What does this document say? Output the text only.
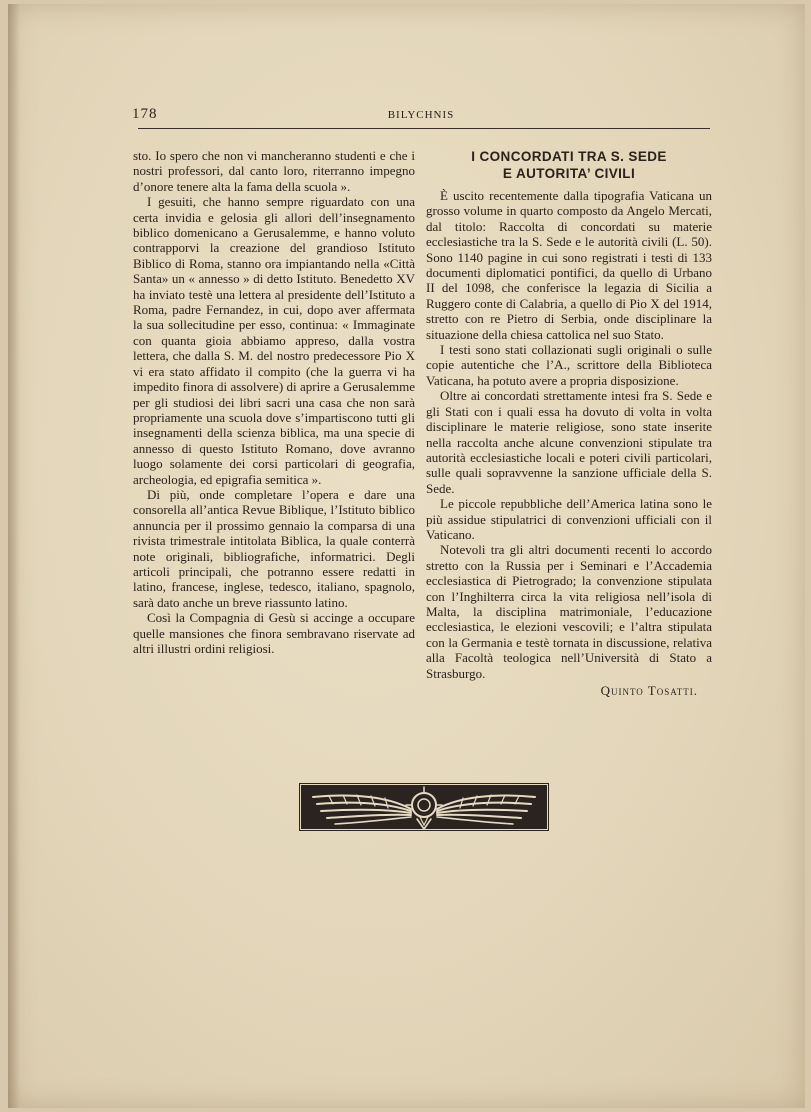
178	BILYCHNIS

sto. Io spero che non vi mancheranno studenti e che i nostri professori, dal canto loro, riterranno impegno d’onore tenere alta la fama della scuola ».

I gesuiti, che hanno sempre riguardato con una certa invidia e gelosia gli allori dell’insegnamento biblico domenicano a Gerusalemme, e hanno voluto contrapporvi la creazione del grandioso Istituto Biblico di Roma, stanno ora impiantando nella «Città Santa» un « annesso » di detto Istituto. Benedetto XV ha inviato testè una lettera al presidente dell’Istituto a Roma, padre Fernandez, in cui, dopo aver affermata la sua sollecitudine per esso, continua: « Immaginate con quanta gioia abbiamo appreso, dalla vostra lettera, che dalla S. M. del nostro predecessore Pio X vi era stato affidato il compito (che la guerra vi ha impedito finora di assolvere) di aprire a Gerusalemme per gli studiosi dei libri sacri una casa che non sarà propriamente una scuola dove s’impartiscono tutti gli insegnamenti della scienza biblica, ma una specie di annesso di questo Istituto Romano, dove avranno luogo solamente dei corsi particolari di geografia, archeologia, ed epigrafia semitica ».

Di più, onde completare l’opera e dare una consorella all’antica Revue Biblique, l’Istituto biblico annuncia per il prossimo gennaio la comparsa di una rivista trimestrale intitolata Biblica, la quale conterrà note originali, bibliografiche, informatrici. Degli articoli principali, che potranno essere redatti in latino, francese, inglese, tedesco, italiano, spagnolo, sarà dato anche un breve riassunto latino.

Così la Compagnia di Gesù si accinge a occupare quelle mansiones che finora sembravano riservate ad altri illustri ordini religiosi.

I CONCORDATI TRA S. SEDE
E AUTORITA’ CIVILI

È uscito recentemente dalla tipografia Vaticana un grosso volume in quarto composto da Angelo Mercati, dal titolo: Raccolta di concordati su materie ecclesiastiche tra la S. Sede e le autorità civili (L. 50). Sono 1140 pagine in cui sono registrati i testi di 133 documenti diplomatici pontifici, da quello di Urbano II del 1098, che conferisce la legazia di Sicilia a Ruggero conte di Calabria, a quello di Pio X del 1914, stretto con re Pietro di Serbia, onde disciplinare la situazione della chiesa cattolica nel suo Stato.

I testi sono stati collazionati sugli originali o sulle copie autentiche che l’A., scrittore della Biblioteca Vaticana, ha potuto avere a propria disposizione.

Oltre ai concordati strettamente intesi fra S. Sede e gli Stati con i quali essa ha dovuto di volta in volta disciplinare le materie religiose, sono state inserite nella raccolta anche alcune convenzioni stipulate tra autorità ecclesiastiche locali e poteri civili particolari, sulle quali sopravvenne la sanzione ufficiale della S. Sede.

Le piccole repubbliche dell’America latina sono le più assidue stipulatrici di convenzioni ufficiali con il Vaticano.

Notevoli tra gli altri documenti recenti lo accordo stretto con la Russia per i Seminari e l’Accademia ecclesiastica di Pietrogrado; la convenzione stipulata con l’Inghilterra circa la vita religiosa nell’isola di Malta, la disciplina matrimoniale, l’educazione ecclesiastica, le elezioni vescovili; e l’altra stipulata con la Germania e testè tornata in discussione, relativa alla Facoltà teologica nell’Università di Stato a Strasburgo.

Quinto Tosatti.
